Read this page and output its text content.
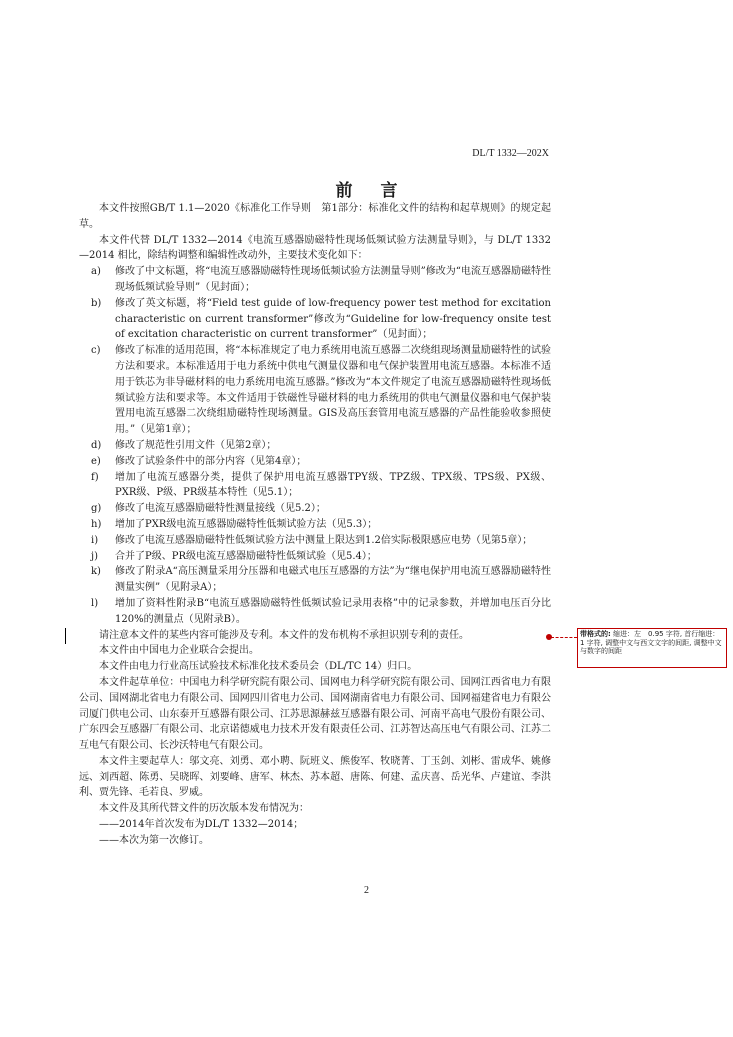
DL/T 1332—202X
前言

本文件按照GB/T 1.1—2020《标准化工作导则　第1部分：标准化文件的结构和起草规则》的规定起草。

本文件代替 DL/T 1332—2014《电流互感器励磁特性现场低频试验方法测量导则》，与 DL/T 1332—2014 相比，除结构调整和编辑性改动外，主要技术变化如下：

a)	修改了中文标题，将“电流互感器励磁特性现场低频试验方法测量导则”修改为“电流互感器励磁特性现场低频试验导则”（见封面）；
b)	修改了英文标题，将“Field test guide of low-frequency power test method for excitation characteristic on current transformer”修改为“Guideline for low-frequency onsite test of excitation characteristic on current transformer”（见封面）；
c)	修改了标准的适用范围，将“本标准规定了电力系统用电流互感器二次绕组现场测量励磁特性的试验方法和要求。本标准适用于电力系统中供电气测量仪器和电气保护装置用电流互感器。本标准不适用于铁芯为非导磁材料的电力系统用电流互感器。”修改为“本文件规定了电流互感器励磁特性现场低频试验方法和要求等。本文件适用于铁磁性导磁材料的电力系统用的供电气测量仪器和电气保护装置用电流互感器二次绕组励磁特性现场测量。GIS及高压套管用电流互感器的产品性能验收参照使用。”（见第1章）；
d)	修改了规范性引用文件（见第2章）；
e)	修改了试验条件中的部分内容（见第4章）；
f)	增加了电流互感器分类，提供了保护用电流互感器TPY级、TPZ级、TPX级、TPS级、PX级、PXR级、P级、PR级基本特性（见5.1）；
g)	修改了电流互感器励磁特性测量接线（见5.2）；
h)	增加了PXR级电流互感器励磁特性低频试验方法（见5.3）；
i)	修改了电流互感器励磁特性低频试验方法中测量上限达到1.2倍实际极限感应电势（见第5章）；
j)	合并了P级、PR级电流互感器励磁特性低频试验（见5.4）；
k)	修改了附录A“高压测量采用分压器和电磁式电压互感器的方法”为“继电保护用电流互感器励磁特性测量实例”（见附录A）；
l)	增加了资料性附录B“电流互感器励磁特性低频试验记录用表格”中的记录参数，并增加电压百分比120%的测量点（见附录B）。

请注意本文件的某些内容可能涉及专利。本文件的发布机构不承担识别专利的责任。

本文件由中国电力企业联合会提出。

本文件由电力行业高压试验技术标准化技术委员会（DL/TC 14）归口。

本文件起草单位：中国电力科学研究院有限公司、国网电力科学研究院有限公司、国网江西省电力有限公司、国网湖北省电力有限公司、国网四川省电力公司、国网湖南省电力有限公司、国网福建省电力有限公司厦门供电公司、山东泰开互感器有限公司、江苏思源赫兹互感器有限公司、河南平高电气股份有限公司、广东四会互感器厂有限公司、北京诺德威电力技术开发有限责任公司、江苏智达高压电气有限公司、江苏二互电气有限公司、长沙沃特电气有限公司。

本文件主要起草人：邬文亮、刘勇、邓小聘、阮班义、熊俊军、牧晓菁、丁玉剑、刘彬、雷成华、姚修远、刘西超、陈勇、吴晓晖、刘要峰、唐军、林杰、苏本超、唐陈、何建、孟庆喜、岳光华、卢建谊、李洪利、贾先锋、毛若良、罗威。

本文件及其所代替文件的历次版本发布情况为：

——2014年首次发布为DL/T 1332—2014；

——本次为第一次修订。

2
带格式的: 缩进：左　0.95 字符, 首行缩进：　1 字符, 调整中文与西文文字的间距, 调整中文与数字的间距
